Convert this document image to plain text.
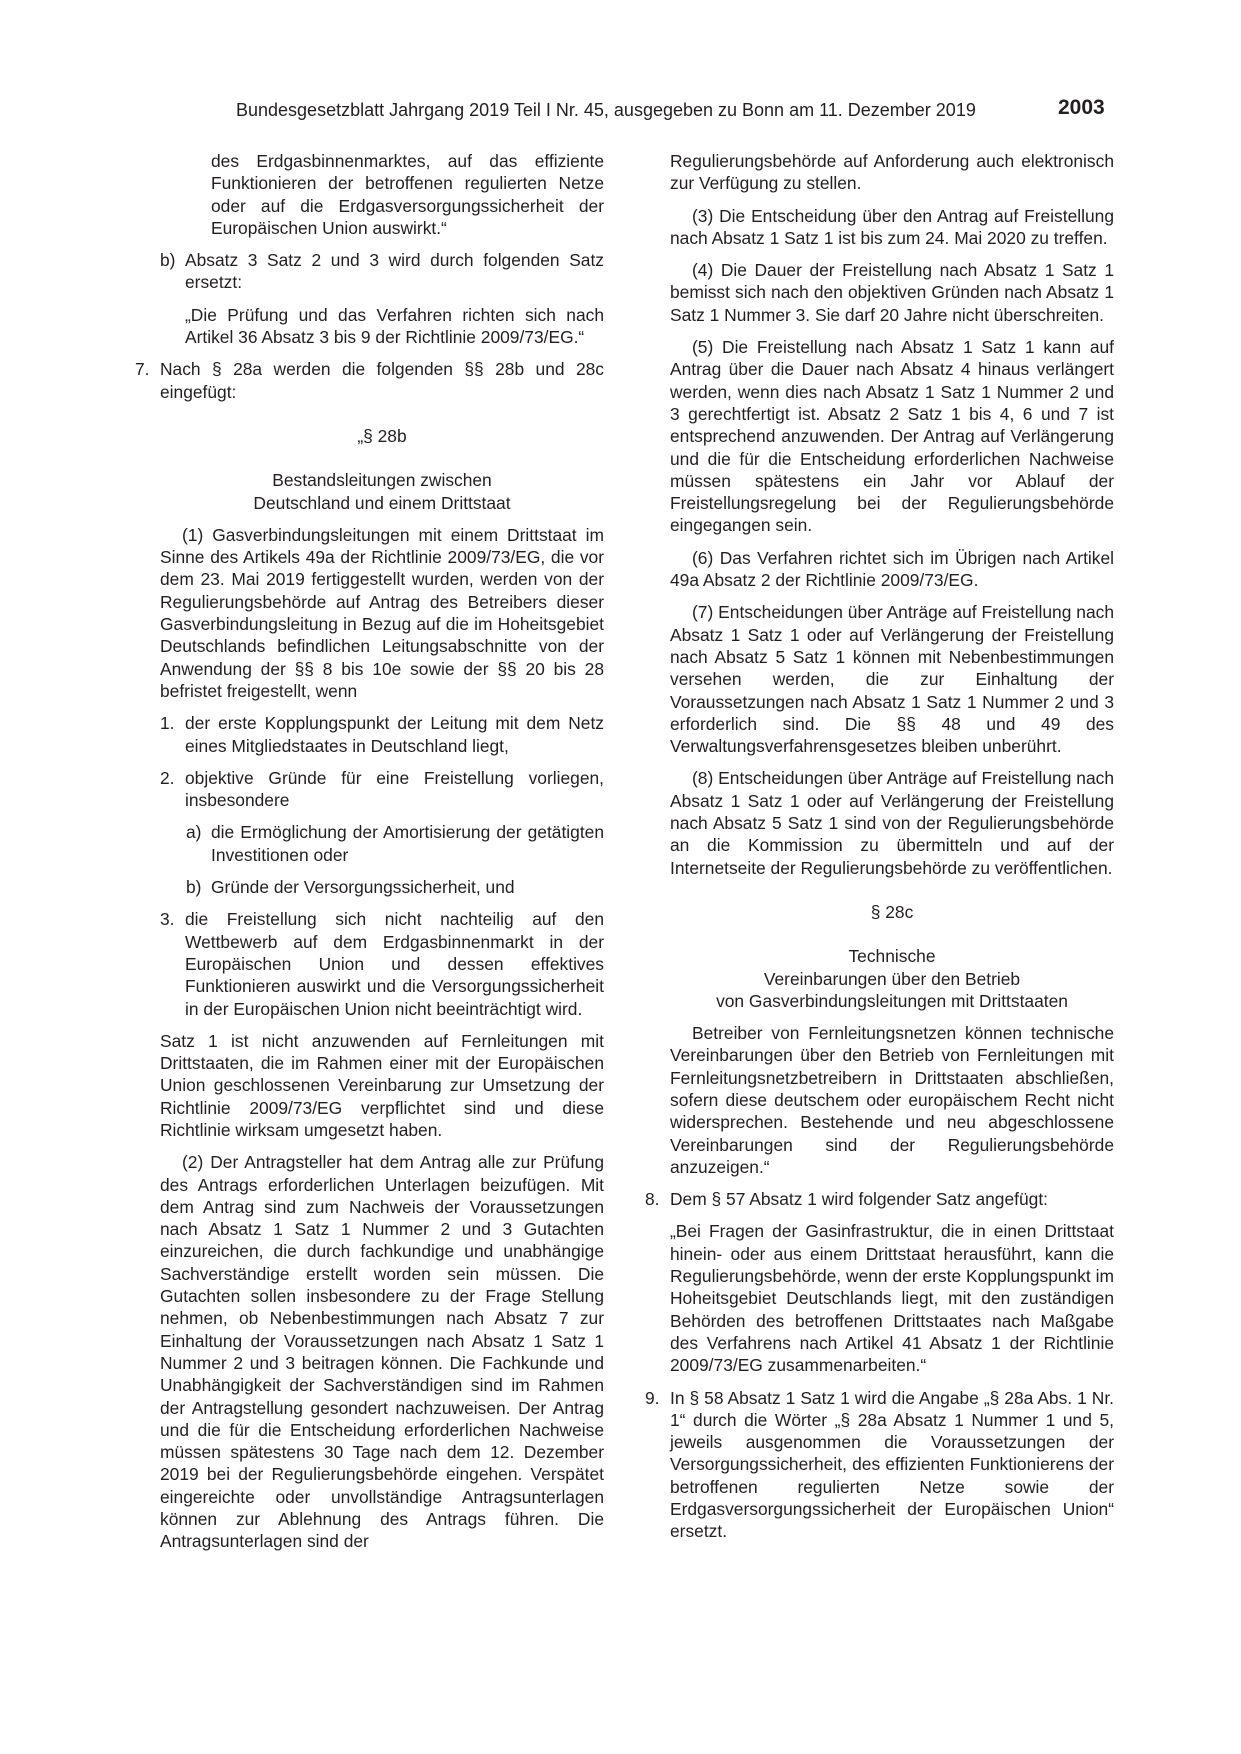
Bundesgesetzblatt Jahrgang 2019 Teil I Nr. 45, ausgegeben zu Bonn am 11. Dezember 2019	2003

des Erdgasbinnenmarktes, auf das effiziente Funktionieren der betroffenen regulierten Netze oder auf die Erdgasversorgungssicherheit der Europäischen Union auswirkt.“

b) Absatz 3 Satz 2 und 3 wird durch folgenden Satz ersetzt:

„Die Prüfung und das Verfahren richten sich nach Artikel 36 Absatz 3 bis 9 der Richtlinie 2009/73/EG.“

7. Nach § 28a werden die folgenden §§ 28b und 28c eingefügt:

„§ 28b

Bestandsleitungen zwischen

Deutschland und einem Drittstaat

(1) Gasverbindungsleitungen mit einem Drittstaat im Sinne des Artikels 49a der Richtlinie 2009/73/EG, die vor dem 23. Mai 2019 fertiggestellt wurden, werden von der Regulierungsbehörde auf Antrag des Betreibers dieser Gasverbindungsleitung in Bezug auf die im Hoheitsgebiet Deutschlands befindlichen Leitungsabschnitte von der Anwendung der §§ 8 bis 10e sowie der §§ 20 bis 28 befristet freigestellt, wenn

1. der erste Kopplungspunkt der Leitung mit dem Netz eines Mitgliedstaates in Deutschland liegt,

2. objektive Gründe für eine Freistellung vorliegen, insbesondere

a) die Ermöglichung der Amortisierung der getätigten Investitionen oder

b) Gründe der Versorgungssicherheit, und

3. die Freistellung sich nicht nachteilig auf den Wettbewerb auf dem Erdgasbinnenmarkt in der Europäischen Union und dessen effektives Funktionieren auswirkt und die Versorgungssicherheit in der Europäischen Union nicht beeinträchtigt wird.

Satz 1 ist nicht anzuwenden auf Fernleitungen mit Drittstaaten, die im Rahmen einer mit der Europäischen Union geschlossenen Vereinbarung zur Umsetzung der Richtlinie 2009/73/EG verpflichtet sind und diese Richtlinie wirksam umgesetzt haben.

(2) Der Antragsteller hat dem Antrag alle zur Prüfung des Antrags erforderlichen Unterlagen beizufügen. Mit dem Antrag sind zum Nachweis der Voraussetzungen nach Absatz 1 Satz 1 Nummer 2 und 3 Gutachten einzureichen, die durch fachkundige und unabhängige Sachverständige erstellt worden sein müssen. Die Gutachten sollen insbesondere zu der Frage Stellung nehmen, ob Nebenbestimmungen nach Absatz 7 zur Einhaltung der Voraussetzungen nach Absatz 1 Satz 1 Nummer 2 und 3 beitragen können. Die Fachkunde und Unabhängigkeit der Sachverständigen sind im Rahmen der Antragstellung gesondert nachzuweisen. Der Antrag und die für die Entscheidung erforderlichen Nachweise müssen spätestens 30 Tage nach dem 12. Dezember 2019 bei der Regulierungsbehörde eingehen. Verspätet eingereichte oder unvollständige Antragsunterlagen können zur Ablehnung des Antrags führen. Die Antragsunterlagen sind der

Regulierungsbehörde auf Anforderung auch elektronisch zur Verfügung zu stellen.

(3) Die Entscheidung über den Antrag auf Freistellung nach Absatz 1 Satz 1 ist bis zum 24. Mai 2020 zu treffen.

(4) Die Dauer der Freistellung nach Absatz 1 Satz 1 bemisst sich nach den objektiven Gründen nach Absatz 1 Satz 1 Nummer 3. Sie darf 20 Jahre nicht überschreiten.

(5) Die Freistellung nach Absatz 1 Satz 1 kann auf Antrag über die Dauer nach Absatz 4 hinaus verlängert werden, wenn dies nach Absatz 1 Satz 1 Nummer 2 und 3 gerechtfertigt ist. Absatz 2 Satz 1 bis 4, 6 und 7 ist entsprechend anzuwenden. Der Antrag auf Verlängerung und die für die Entscheidung erforderlichen Nachweise müssen spätestens ein Jahr vor Ablauf der Freistellungsregelung bei der Regulierungsbehörde eingegangen sein.

(6) Das Verfahren richtet sich im Übrigen nach Artikel 49a Absatz 2 der Richtlinie 2009/73/EG.

(7) Entscheidungen über Anträge auf Freistellung nach Absatz 1 Satz 1 oder auf Verlängerung der Freistellung nach Absatz 5 Satz 1 können mit Nebenbestimmungen versehen werden, die zur Einhaltung der Voraussetzungen nach Absatz 1 Satz 1 Nummer 2 und 3 erforderlich sind. Die §§ 48 und 49 des Verwaltungsverfahrensgesetzes bleiben unberührt.

(8) Entscheidungen über Anträge auf Freistellung nach Absatz 1 Satz 1 oder auf Verlängerung der Freistellung nach Absatz 5 Satz 1 sind von der Regulierungsbehörde an die Kommission zu übermitteln und auf der Internetseite der Regulierungsbehörde zu veröffentlichen.

§ 28c

Technische

Vereinbarungen über den Betrieb

von Gasverbindungsleitungen mit Drittstaaten

Betreiber von Fernleitungsnetzen können technische Vereinbarungen über den Betrieb von Fernleitungen mit Fernleitungsnetzbetreibern in Drittstaaten abschließen, sofern diese deutschem oder europäischem Recht nicht widersprechen. Bestehende und neu abgeschlossene Vereinbarungen sind der Regulierungsbehörde anzuzeigen.“

8. Dem § 57 Absatz 1 wird folgender Satz angefügt:

„Bei Fragen der Gasinfrastruktur, die in einen Drittstaat hinein- oder aus einem Drittstaat herausführt, kann die Regulierungsbehörde, wenn der erste Kopplungspunkt im Hoheitsgebiet Deutschlands liegt, mit den zuständigen Behörden des betroffenen Drittstaates nach Maßgabe des Verfahrens nach Artikel 41 Absatz 1 der Richtlinie 2009/73/EG zusammenarbeiten.“

9. In § 58 Absatz 1 Satz 1 wird die Angabe „§ 28a Abs. 1 Nr. 1“ durch die Wörter „§ 28a Absatz 1 Nummer 1 und 5, jeweils ausgenommen die Voraussetzungen der Versorgungssicherheit, des effizienten Funktionierens der betroffenen regulierten Netze sowie der Erdgasversorgungssicherheit der Europäischen Union“ ersetzt.
